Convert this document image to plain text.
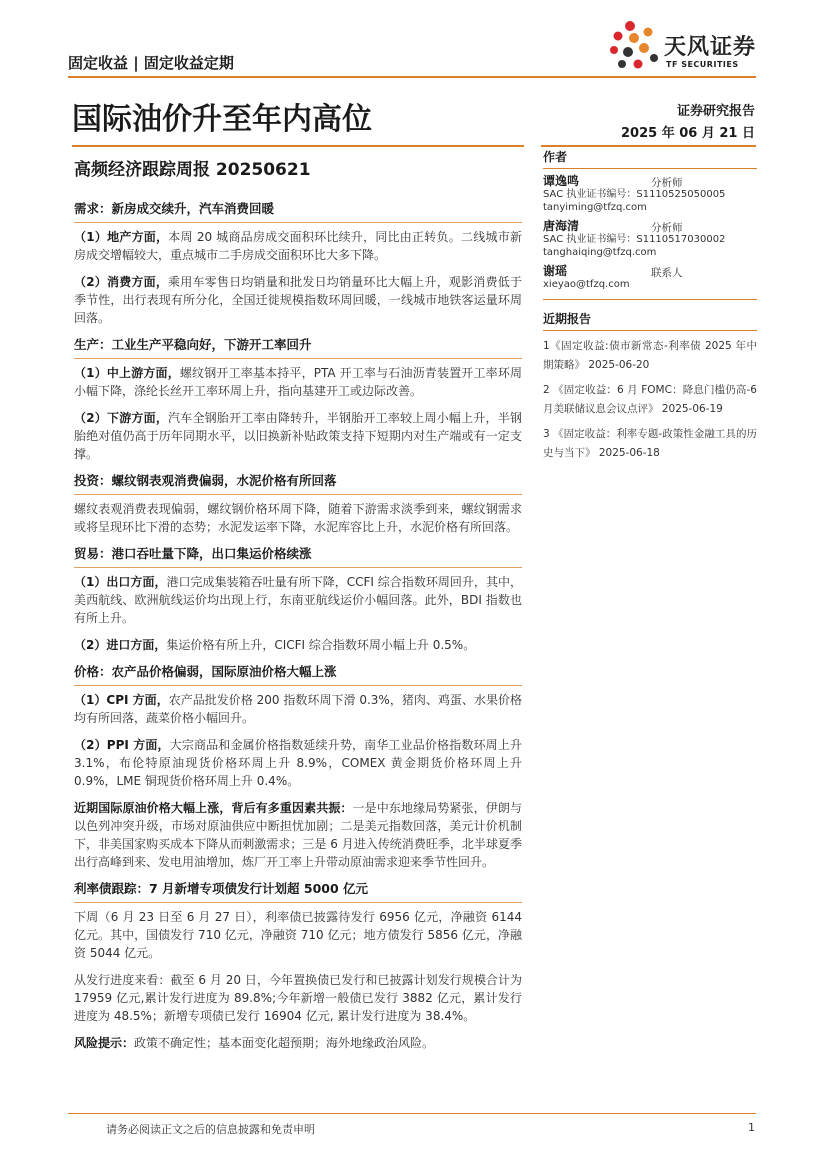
固定收益 | 固定收益定期
天风证券
TF SECURITIES
国际油价升至年内高位	证券研究报告
2025 年 06 月 21 日
高频经济跟踪周报 20250621
需求：新房成交续升，汽车消费回暖

（1）地产方面，本周 20 城商品房成交面积环比续升，同比由正转负。二线城市新房成交增幅较大，重点城市二手房成交面积环比大多下降。

（2）消费方面，乘用车零售日均销量和批发日均销量环比大幅上升，观影消费低于季节性，出行表现有所分化，全国迁徙规模指数环周回暖，一线城市地铁客运量环周回落。

生产：工业生产平稳向好，下游开工率回升

（1）中上游方面，螺纹钢开工率基本持平，PTA 开工率与石油沥青装置开工率环周小幅下降，涤纶长丝开工率环周上升，指向基建开工或边际改善。

（2）下游方面，汽车全钢胎开工率由降转升，半钢胎开工率较上周小幅上升，半钢胎绝对值仍高于历年同期水平，以旧换新补贴政策支持下短期内对生产端或有一定支撑。

投资：螺纹钢表观消费偏弱，水泥价格有所回落

螺纹表观消费表现偏弱，螺纹钢价格环周下降，随着下游需求淡季到来，螺纹钢需求或将呈现环比下滑的态势；水泥发运率下降，水泥库容比上升，水泥价格有所回落。

贸易：港口吞吐量下降，出口集运价格续涨

（1）出口方面，港口完成集装箱吞吐量有所下降，CCFI 综合指数环周回升，其中，美西航线、欧洲航线运价均出现上行，东南亚航线运价小幅回落。此外，BDI 指数也有所上升。

（2）进口方面，集运价格有所上升，CICFI 综合指数环周小幅上升 0.5%。

价格：农产品价格偏弱，国际原油价格大幅上涨

（1）CPI 方面，农产品批发价格 200 指数环周下滑 0.3%，猪肉、鸡蛋、水果价格均有所回落，蔬菜价格小幅回升。

（2）PPI 方面，大宗商品和金属价格指数延续升势，南华工业品价格指数环周上升 3.1%，布伦特原油现货价格环周上升 8.9%，COMEX 黄金期货价格环周上升 0.9%，LME 铜现货价格环周上升 0.4%。

近期国际原油价格大幅上涨，背后有多重因素共振：一是中东地缘局势紧张，伊朗与以色列冲突升级，市场对原油供应中断担忧加剧；二是美元指数回落，美元计价机制下，非美国家购买成本下降从而刺激需求；三是 6 月进入传统消费旺季，北半球夏季出行高峰到来、发电用油增加，炼厂开工率上升带动原油需求迎来季节性回升。

利率债跟踪：7 月新增专项债发行计划超 5000 亿元

下周（6 月 23 日至 6 月 27 日），利率债已披露待发行 6956 亿元，净融资 6144 亿元。其中，国债发行 710 亿元，净融资 710 亿元；地方债发行 5856 亿元，净融资 5044 亿元。

从发行进度来看：截至 6 月 20 日，今年置换债已发行和已披露计划发行规模合计为 17959 亿元,累计发行进度为 89.8%;今年新增一般债已发行 3882 亿元，累计发行进度为 48.5%；新增专项债已发行 16904 亿元, 累计发行进度为 38.4%。

风险提示：政策不确定性；基本面变化超预期；海外地缘政治风险。

作者
谭逸鸣	分析师
SAC 执业证书编号：S1110525050005
tanyiming@tfzq.com
唐海清	分析师
SAC 执业证书编号：S1110517030002
tanghaiqing@tfzq.com
谢瑶	联系人
xieyao@tfzq.com
近期报告
1《固定收益:债市新常态-利率债 2025 年中期策略》 2025-06-20
2 《固定收益：6 月 FOMC：降息门槛仍高-6 月美联储议息会议点评》 2025-06-19
3 《固定收益：利率专题-政策性金融工具的历史与当下》 2025-06-18
请务必阅读正文之后的信息披露和免责申明	1
